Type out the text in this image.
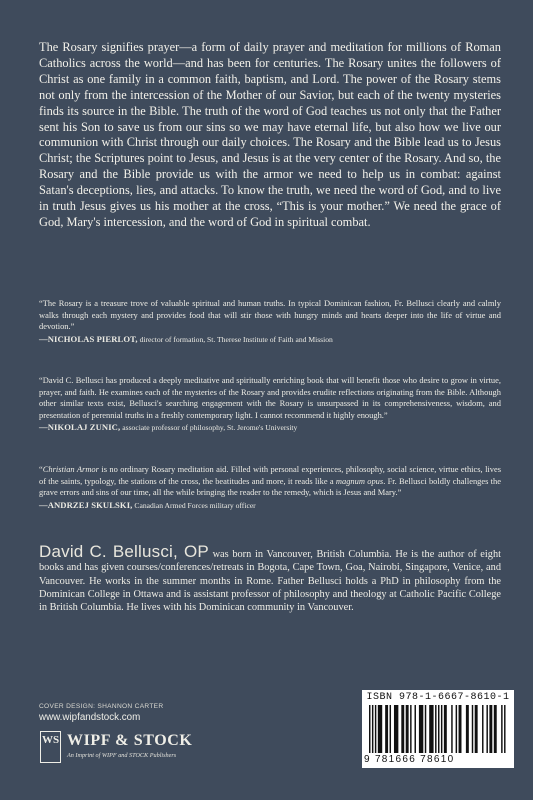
The Rosary signifies prayer—a form of daily prayer and meditation for millions of Roman Catholics across the world—and has been for centuries. The Rosary unites the followers of Christ as one family in a common faith, baptism, and Lord. The power of the Rosary stems not only from the intercession of the Mother of our Savior, but each of the twenty mysteries finds its source in the Bible. The truth of the word of God teaches us not only that the Father sent his Son to save us from our sins so we may have eternal life, but also how we live our communion with Christ through our daily choices. The Rosary and the Bible lead us to Jesus Christ; the Scriptures point to Jesus, and Jesus is at the very center of the Rosary. And so, the Rosary and the Bible provide us with the armor we need to help us in combat: against Satan's deceptions, lies, and attacks. To know the truth, we need the word of God, and to live in truth Jesus gives us his mother at the cross, “This is your mother.” We need the grace of God, Mary's intercession, and the word of God in spiritual combat.

“The Rosary is a treasure trove of valuable spiritual and human truths. In typical Dominican fashion, Fr. Bellusci clearly and calmly walks through each mystery and provides food that will stir those with hungry minds and hearts deeper into the life of virtue and devotion.”

—NICHOLAS PIERLOT, director of formation, St. Therese Institute of Faith and Mission

“David C. Bellusci has produced a deeply meditative and spiritually enriching book that will benefit those who desire to grow in virtue, prayer, and faith. He examines each of the mysteries of the Rosary and provides erudite reflections originating from the Bible. Although other similar texts exist, Bellusci's searching engagement with the Rosary is unsurpassed in its comprehensiveness, wisdom, and presentation of perennial truths in a freshly contemporary light. I cannot recommend it highly enough.”

—NIKOLAJ ZUNIC, associate professor of philosophy, St. Jerome's University

“Christian Armor is no ordinary Rosary meditation aid. Filled with personal experiences, philosophy, social science, virtue ethics, lives of the saints, typology, the stations of the cross, the beatitudes and more, it reads like a magnum opus. Fr. Bellusci boldly challenges the grave errors and sins of our time, all the while bringing the reader to the remedy, which is Jesus and Mary.”

—ANDRZEJ SKULSKI, Canadian Armed Forces military officer

David C. Bellusci, OP was born in Vancouver, British Columbia. He is the author of eight books and has given courses/conferences/retreats in Bogota, Cape Town, Goa, Nairobi, Singapore, Venice, and Vancouver. He works in the summer months in Rome. Father Bellusci holds a PhD in philosophy from the Dominican College in Ottawa and is assistant professor of philosophy and theology at Catholic Pacific College in British Columbia. He lives with his Dominican community in Vancouver.

COVER DESIGN: SHANNON CARTER
www.wipfandstock.com
WS WIPF & STOCK
An Imprint of WIPF and STOCK Publishers
ISBN 978-1-6667-8610-1
9 781666 78610
